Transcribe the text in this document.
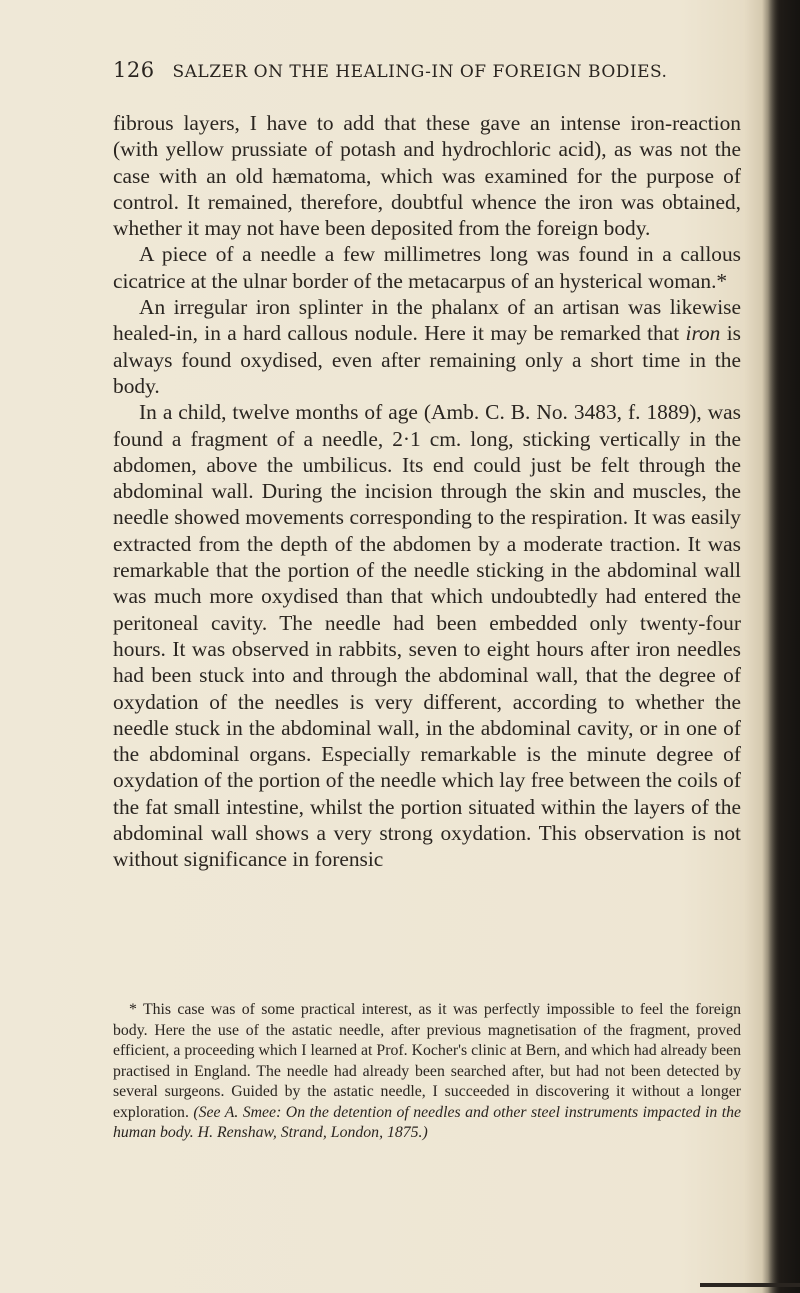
126 SALZER ON THE HEALING-IN OF FOREIGN BODIES.

fibrous layers, I have to add that these gave an intense iron-reaction (with yellow prussiate of potash and hydrochloric acid), as was not the case with an old hæmatoma, which was examined for the purpose of control. It remained, therefore, doubtful whence the iron was obtained, whether it may not have been deposited from the foreign body.

A piece of a needle a few millimetres long was found in a callous cicatrice at the ulnar border of the metacarpus of an hysterical woman.*

An irregular iron splinter in the phalanx of an artisan was likewise healed-in, in a hard callous nodule. Here it may be remarked that iron is always found oxydised, even after remaining only a short time in the body.

In a child, twelve months of age (Amb. C. B. No. 3483, f. 1889), was found a fragment of a needle, 2·1 cm. long, sticking vertically in the abdomen, above the umbilicus. Its end could just be felt through the abdominal wall. During the incision through the skin and muscles, the needle showed movements corresponding to the respiration. It was easily extracted from the depth of the abdomen by a moderate traction. It was remarkable that the portion of the needle sticking in the abdominal wall was much more oxydised than that which undoubtedly had entered the peritoneal cavity. The needle had been embedded only twenty-four hours. It was observed in rabbits, seven to eight hours after iron needles had been stuck into and through the abdominal wall, that the degree of oxydation of the needles is very different, according to whether the needle stuck in the abdominal wall, in the abdominal cavity, or in one of the abdominal organs. Especially remarkable is the minute degree of oxydation of the portion of the needle which lay free between the coils of the fat small intestine, whilst the portion situated within the layers of the abdominal wall shows a very strong oxydation. This observation is not without significance in forensic

* This case was of some practical interest, as it was perfectly impossible to feel the foreign body. Here the use of the astatic needle, after previous magnetisation of the fragment, proved efficient, a proceeding which I learned at Prof. Kocher's clinic at Bern, and which had already been practised in England. The needle had already been searched after, but had not been detected by several surgeons. Guided by the astatic needle, I succeeded in discovering it without a longer exploration. (See A. Smee: On the detention of needles and other steel instruments impacted in the human body. H. Renshaw, Strand, London, 1875.)
